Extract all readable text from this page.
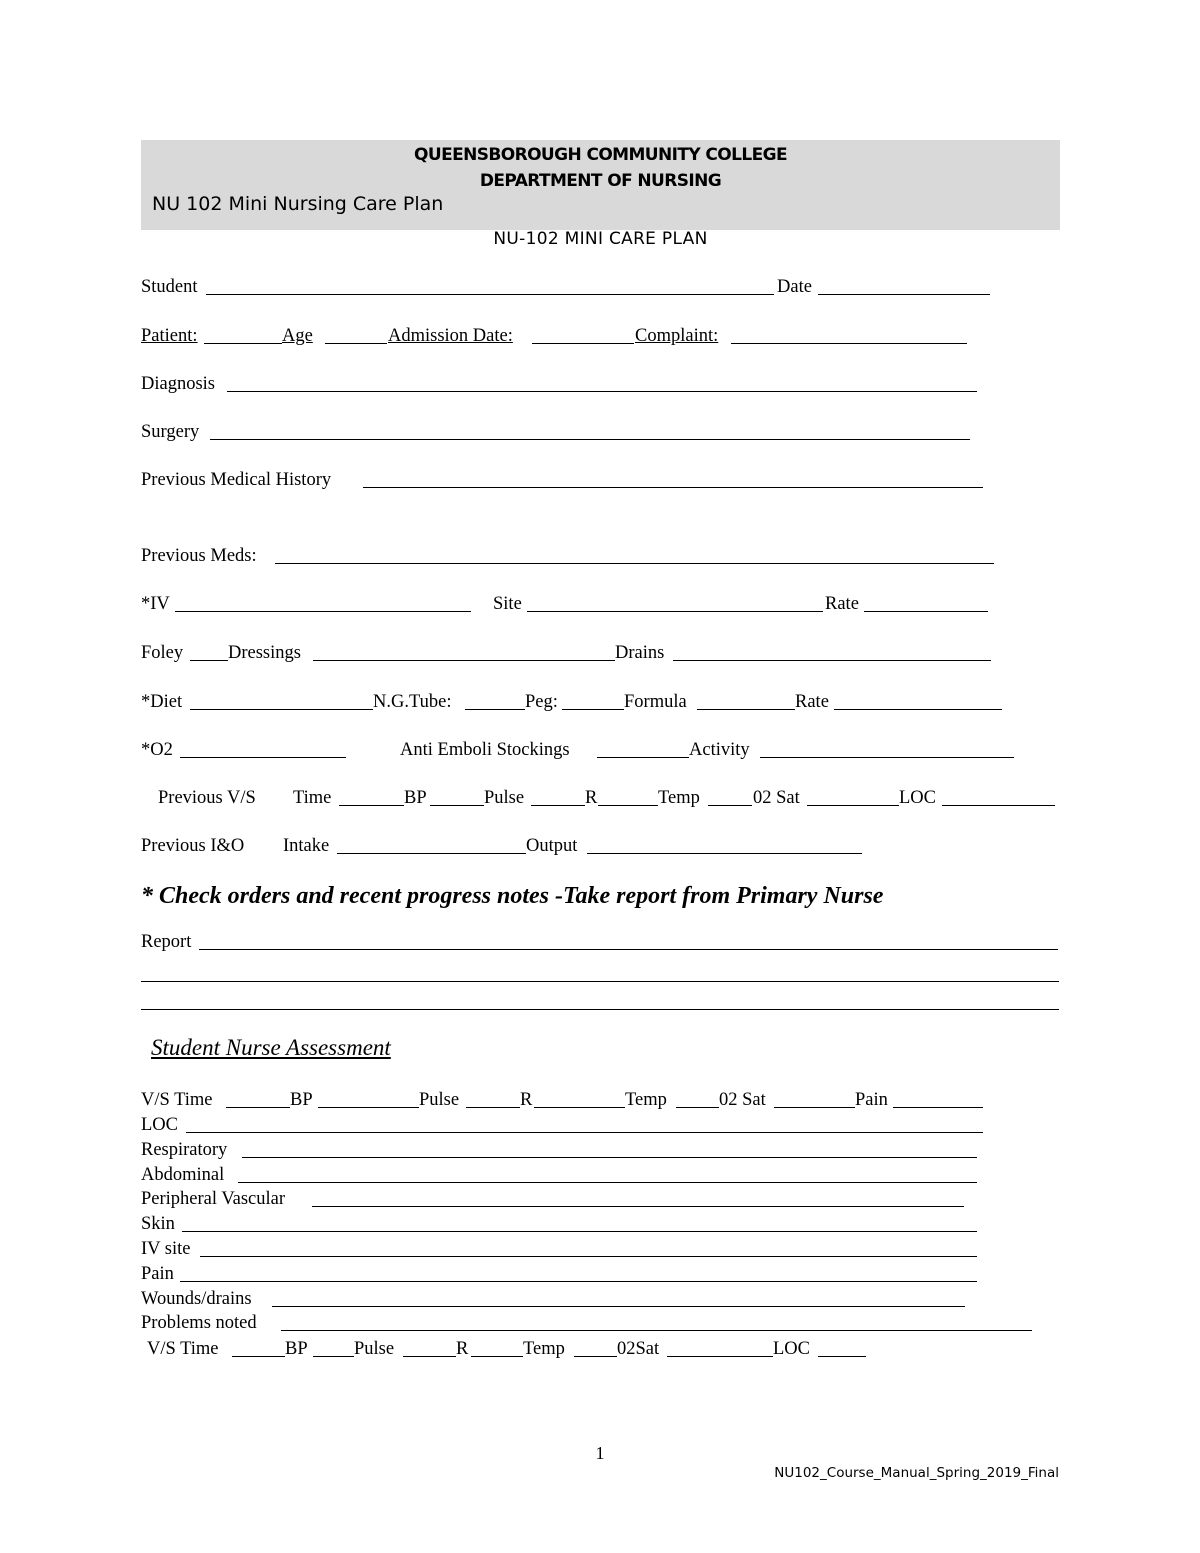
QUEENSBOROUGH COMMUNITY COLLEGE
DEPARTMENT OF NURSING
NU 102 Mini Nursing Care Plan
NU-102 MINI CARE PLAN
Student	Date
Patient:	Age	Admission Date:	Complaint:
Diagnosis
Surgery
Previous Medical History
Previous Meds:
*IV	Site	Rate
Foley Dressings	Drains
*Diet	N.G.Tube:	Peg:	Formula	Rate
*O2	Anti Emboli Stockings	Activity
Previous V/S Time	BP	Pulse	R	Temp	02 Sat	LOC
Previous I&O Intake	Output
* Check orders and recent progress notes -Take report from Primary Nurse
Report
Student Nurse Assessment
V/S Time	BP	Pulse	R	Temp	02 Sat	Pain
LOC
Respiratory
Abdominal
Peripheral Vascular
Skin
IV site
Pain
Wounds/drains
Problems noted
V/S Time	BP	Pulse	R	Temp	02Sat	LOC
1
NU102_Course_Manual_Spring_2019_Final
